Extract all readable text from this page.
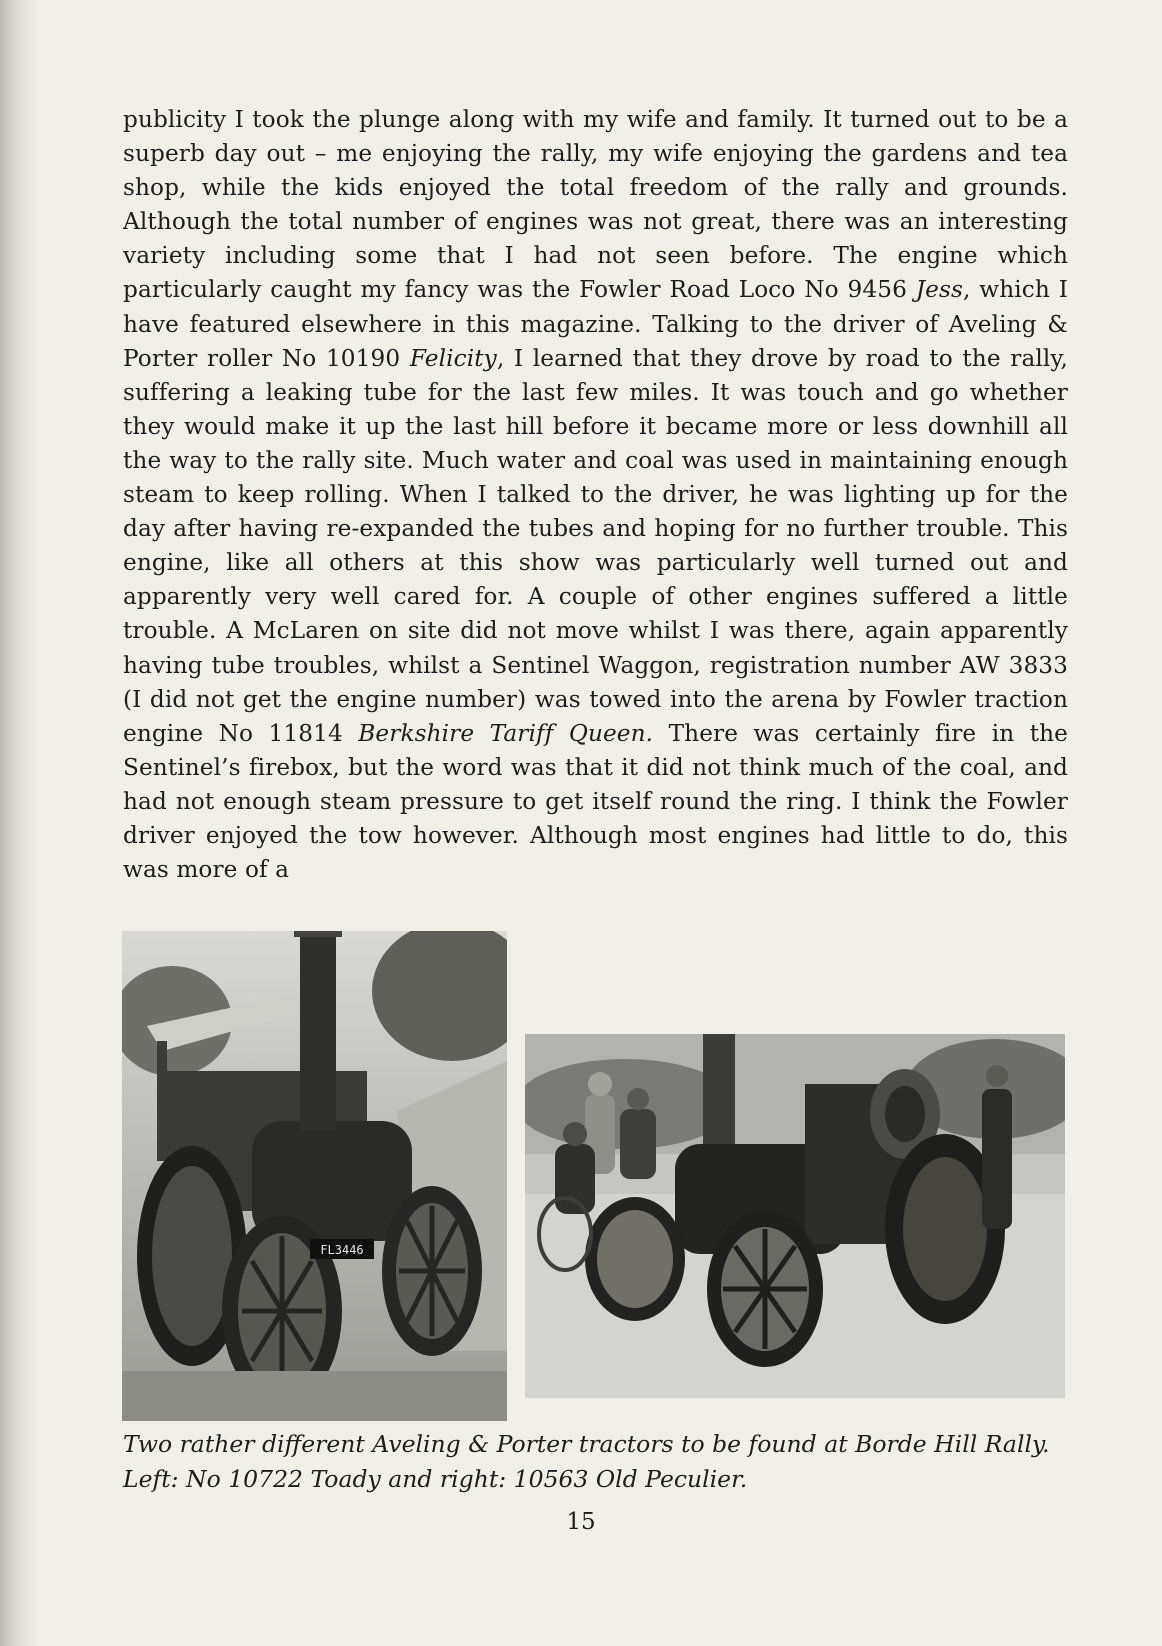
publicity I took the plunge along with my wife and family. It turned out to be a superb day out – me enjoying the rally, my wife enjoying the gardens and tea shop, while the kids enjoyed the total freedom of the rally and grounds. Although the total number of engines was not great, there was an interesting variety including some that I had not seen before. The engine which particularly caught my fancy was the Fowler Road Loco No 9456 Jess, which I have featured elsewhere in this magazine. Talking to the driver of Aveling & Porter roller No 10190 Felicity, I learned that they drove by road to the rally, suffering a leaking tube for the last few miles. It was touch and go whether they would make it up the last hill before it became more or less downhill all the way to the rally site. Much water and coal was used in maintaining enough steam to keep rolling. When I talked to the driver, he was lighting up for the day after having re-expanded the tubes and hoping for no further trouble. This engine, like all others at this show was particularly well turned out and apparently very well cared for. A couple of other engines suffered a little trouble. A McLaren on site did not move whilst I was there, again apparently having tube troubles, whilst a Sentinel Waggon, registration number AW 3833 (I did not get the engine number) was towed into the arena by Fowler traction engine No 11814 Berkshire Tariff Queen. There was certainly fire in the Sentinel’s firebox, but the word was that it did not think much of the coal, and had not enough steam pressure to get itself round the ring. I think the Fowler driver enjoyed the tow however. Although most engines had little to do, this was more of a

FL3446

Two rather different Aveling & Porter tractors to be found at Borde Hill Rally. Left: No 10722 Toady and right: 10563 Old Peculier.

15
